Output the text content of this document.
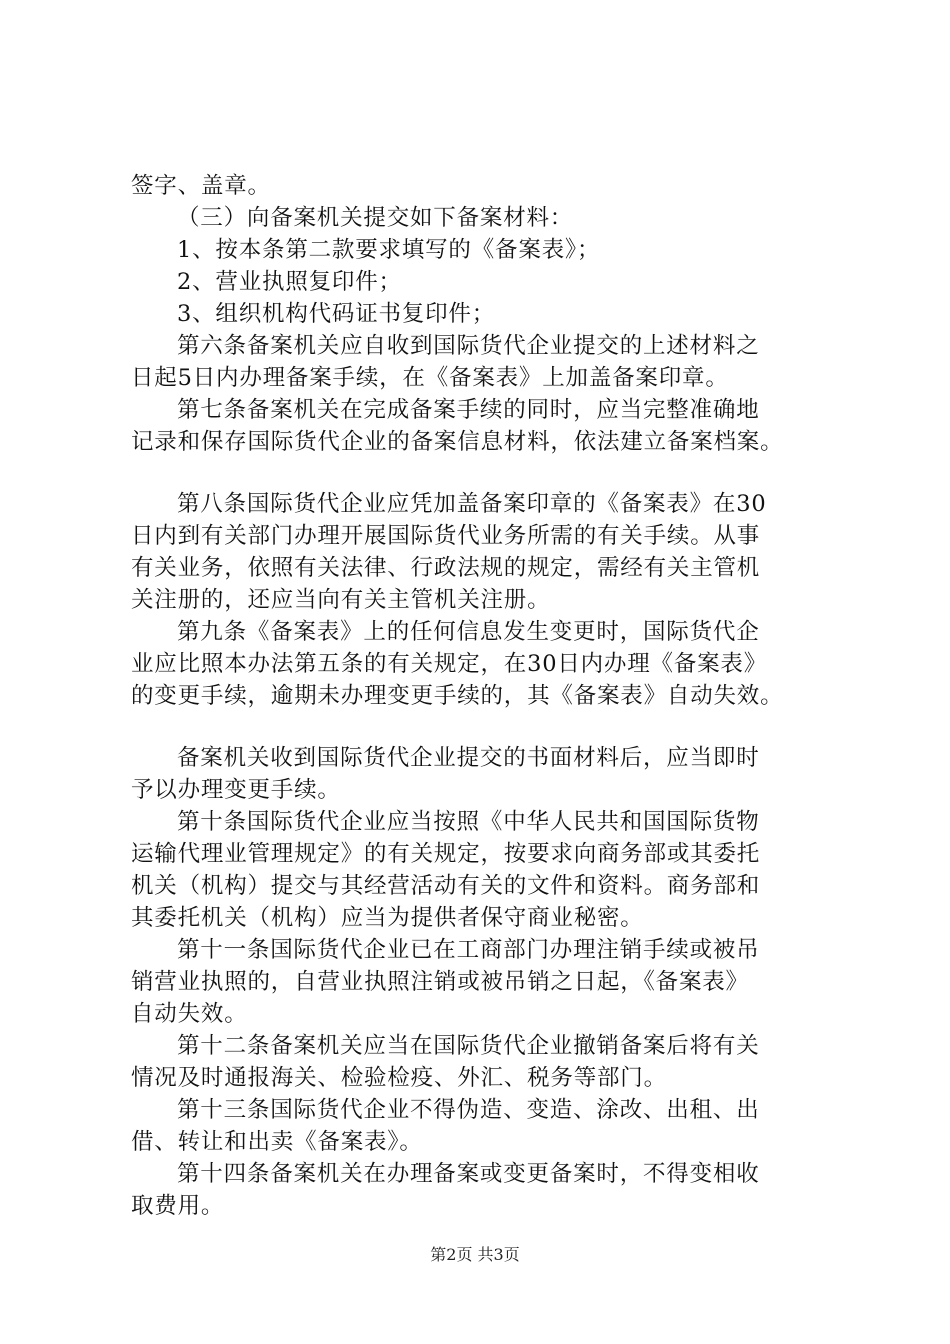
签字、盖章。
（三）向备案机关提交如下备案材料：
1、按本条第二款要求填写的《备案表》；
2、营业执照复印件；
3、组织机构代码证书复印件；
第六条备案机关应自收到国际货代企业提交的上述材料之
日起5日内办理备案手续，在《备案表》上加盖备案印章。
第七条备案机关在完成备案手续的同时，应当完整准确地
记录和保存国际货代企业的备案信息材料，依法建立备案档案。
第八条国际货代企业应凭加盖备案印章的《备案表》在30
日内到有关部门办理开展国际货代业务所需的有关手续。从事
有关业务，依照有关法律、行政法规的规定，需经有关主管机
关注册的，还应当向有关主管机关注册。
第九条《备案表》上的任何信息发生变更时，国际货代企
业应比照本办法第五条的有关规定，在30日内办理《备案表》
的变更手续，逾期未办理变更手续的，其《备案表》自动失效。
备案机关收到国际货代企业提交的书面材料后，应当即时
予以办理变更手续。
第十条国际货代企业应当按照《中华人民共和国国际货物
运输代理业管理规定》的有关规定，按要求向商务部或其委托
机关（机构）提交与其经营活动有关的文件和资料。商务部和
其委托机关（机构）应当为提供者保守商业秘密。
第十一条国际货代企业已在工商部门办理注销手续或被吊
销营业执照的，自营业执照注销或被吊销之日起，《备案表》
自动失效。
第十二条备案机关应当在国际货代企业撤销备案后将有关
情况及时通报海关、检验检疫、外汇、税务等部门。
第十三条国际货代企业不得伪造、变造、涂改、出租、出
借、转让和出卖《备案表》。
第十四条备案机关在办理备案或变更备案时，不得变相收
取费用。
第2页 共3页
